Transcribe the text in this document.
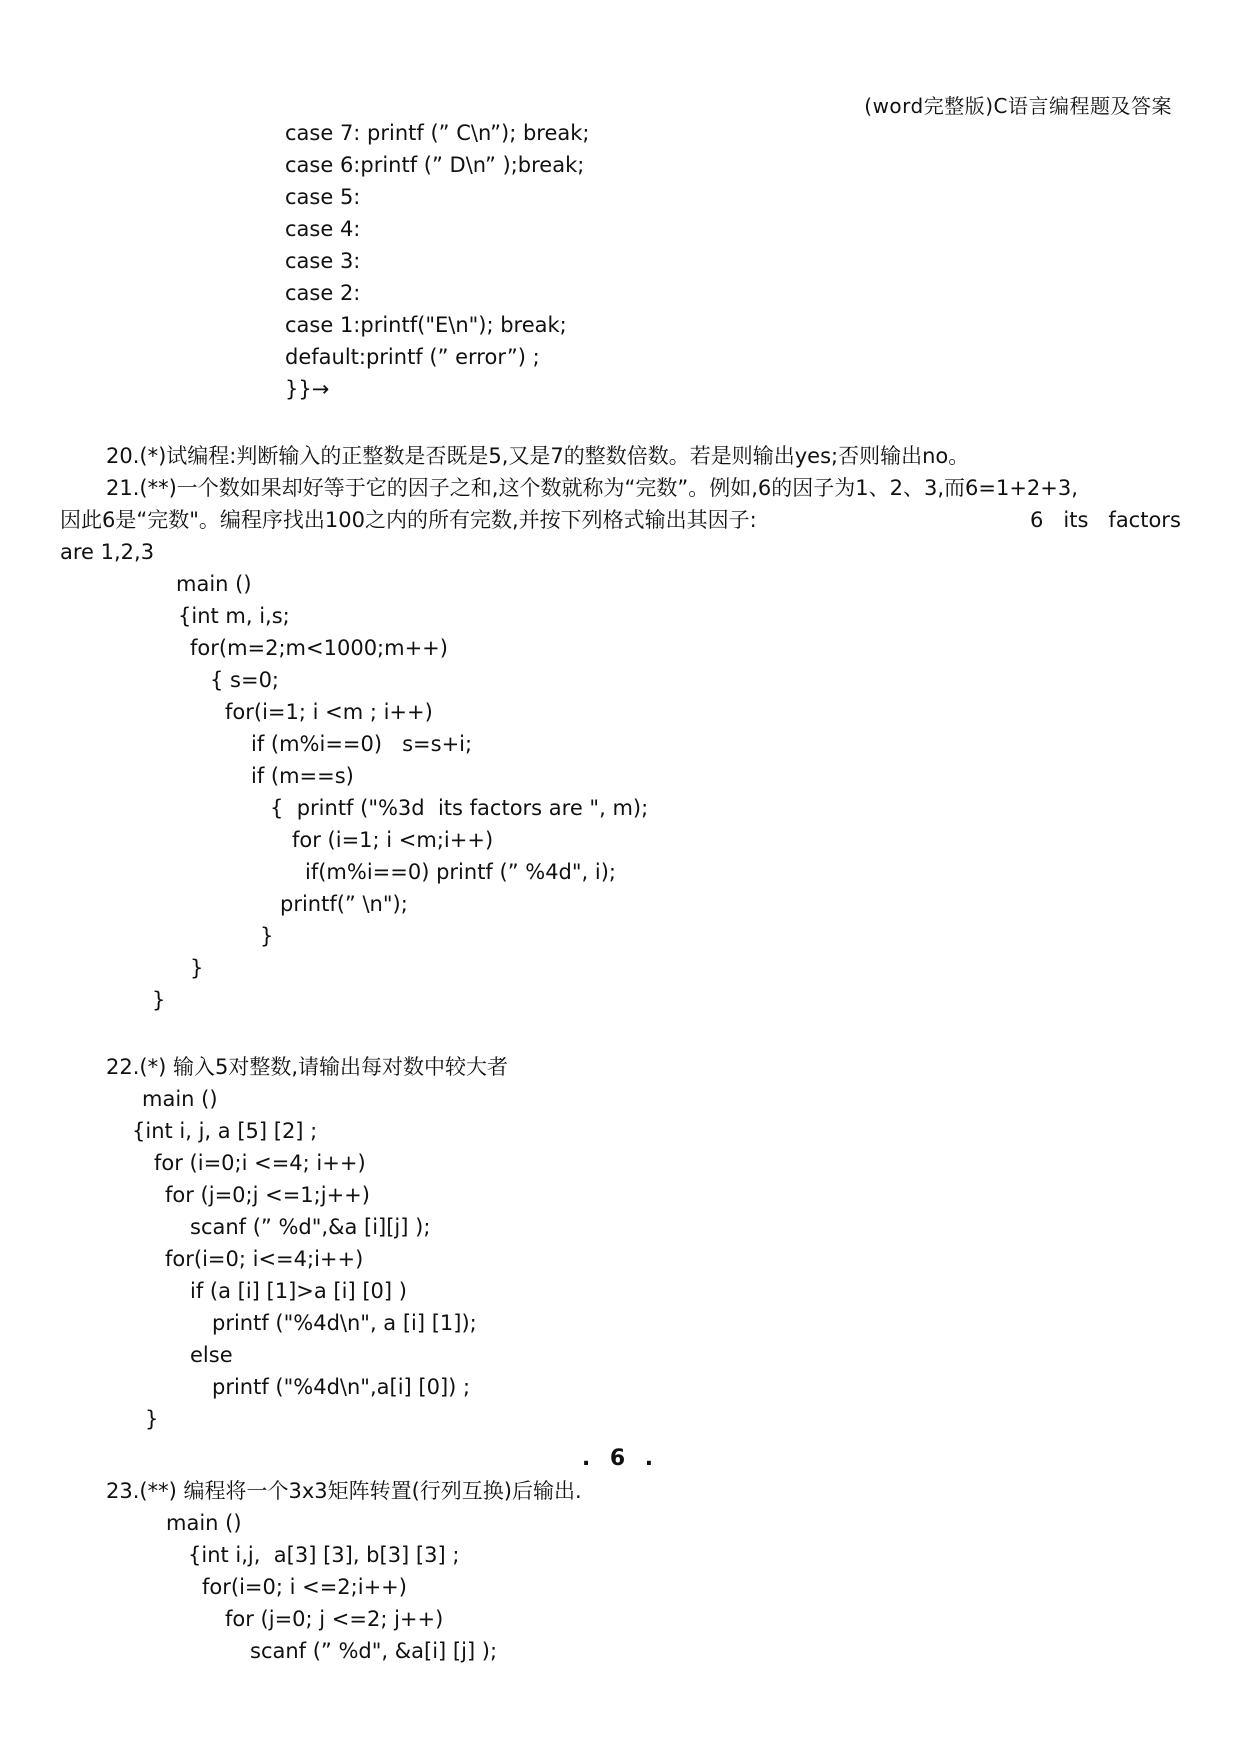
(word完整版)C语言编程题及答案
case 7: printf (” C\n”); break;
case 6:printf (” D\n” );break;
case 5:
case 4:
case 3:
case 2:
case 1:printf("E\n"); break;
default:printf (” error”) ;
}}→
20.(*)试编程:判断输入的正整数是否既是5,又是7的整数倍数。若是则输出yes;否则输出no。
21.(**)一个数如果却好等于它的因子之和,这个数就称为“完数”。例如,6的因子为1、2、3,而6=1+2+3,
因此6是“完数"。编程序找出100之内的所有完数,并按下列格式输出其因子:	6   its   factors
are 1,2,3
main ()
{int m, i,s;
for(m=2;m<1000;m++)
{ s=0;
for(i=1; i <m ; i++)
if (m%i==0)   s=s+i;
if (m==s)
{  printf ("%3d  its factors are ", m);
for (i=1; i <m;i++)
if(m%i==0) printf (” %4d", i);
printf(” \n");
}
}
}
22.(*) 输入5对整数,请输出每对数中较大者
main ()
{int i, j, a [5] [2] ;
for (i=0;i <=4; i++)
for (j=0;j <=1;j++)
scanf (” %d",&a [i][j] );
for(i=0; i<=4;i++)
if (a [i] [1]>a [i] [0] )
printf ("%4d\n", a [i] [1]);
else
printf ("%4d\n",a[i] [0]) ;
}
. 6 .
23.(**) 编程将一个3x3矩阵转置(行列互换)后输出.
main ()
{int i,j,  a[3] [3], b[3] [3] ;
for(i=0; i <=2;i++)
for (j=0; j <=2; j++)
scanf (” %d", &a[i] [j] );
